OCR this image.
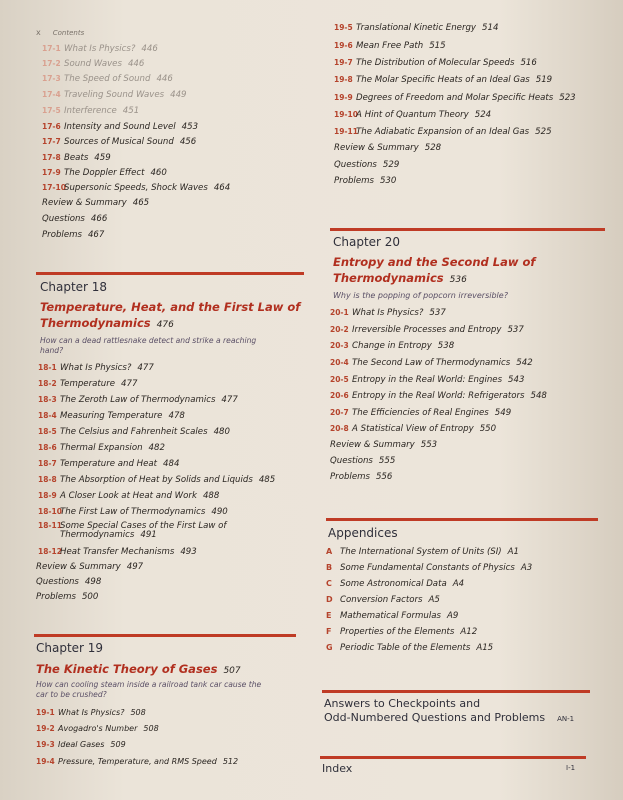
x Contents
17-1 What Is Physics? 446
17-2 Sound Waves 446
17-3 The Speed of Sound 446
17-4 Traveling Sound Waves 449
17-5 Interference 451
17-6 Intensity and Sound Level 453
17-7 Sources of Musical Sound 456
17-8 Beats 459
17-9 The Doppler Effect 460
17-10Supersonic Speeds, Shock Waves 464
Review & Summary 465
Questions 466
Problems 467
Chapter 18
Temperature, Heat, and the First Law of
Thermodynamics 476
How can a dead rattlesnake detect and strike a reaching
hand?
18-1 What Is Physics? 477
18-2 Temperature 477
18-3 The Zeroth Law of Thermodynamics 477
18-4 Measuring Temperature 478
18-5 The Celsius and Fahrenheit Scales 480
18-6 Thermal Expansion 482
18-7 Temperature and Heat 484
18-8 The Absorption of Heat by Solids and Liquids 485
18-9 A Closer Look at Heat and Work 488
18-10The First Law of Thermodynamics 490
18-11Some Special Cases of the First Law of
Thermodynamics 491
18-12Heat Transfer Mechanisms 493
Review & Summary 497
Questions 498
Problems 500
Chapter 19
The Kinetic Theory of Gases 507
How can cooling steam inside a railroad tank car cause the
car to be crushed?
19-1 What Is Physics? 508
19-2 Avogadro's Number 508
19-3 Ideal Gases 509
19-4 Pressure, Temperature, and RMS Speed 512
19-5 Translational Kinetic Energy 514
19-6 Mean Free Path 515
19-7 The Distribution of Molecular Speeds 516
19-8 The Molar Specific Heats of an Ideal Gas 519
19-9 Degrees of Freedom and Molar Specific Heats 523
19-10A Hint of Quantum Theory 524
19-11The Adiabatic Expansion of an Ideal Gas 525
Review & Summary 528
Questions 529
Problems 530
Chapter 20
Entropy and the Second Law of
Thermodynamics 536
Why is the popping of popcorn irreversible?
20-1 What Is Physics? 537
20-2 Irreversible Processes and Entropy 537
20-3 Change in Entropy 538
20-4 The Second Law of Thermodynamics 542
20-5 Entropy in the Real World: Engines 543
20-6 Entropy in the Real World: Refrigerators 548
20-7 The Efficiencies of Real Engines 549
20-8 A Statistical View of Entropy 550
Review & Summary 553
Questions 555
Problems 556
Appendices
A The International System of Units (SI) A1
B Some Fundamental Constants of Physics A3
C Some Astronomical Data A4
D Conversion Factors A5
E Mathematical Formulas A9
F Properties of the Elements A12
G Periodic Table of the Elements A15
Answers to Checkpoints and
Odd-Numbered Questions and Problems AN-1
Index	I-1
